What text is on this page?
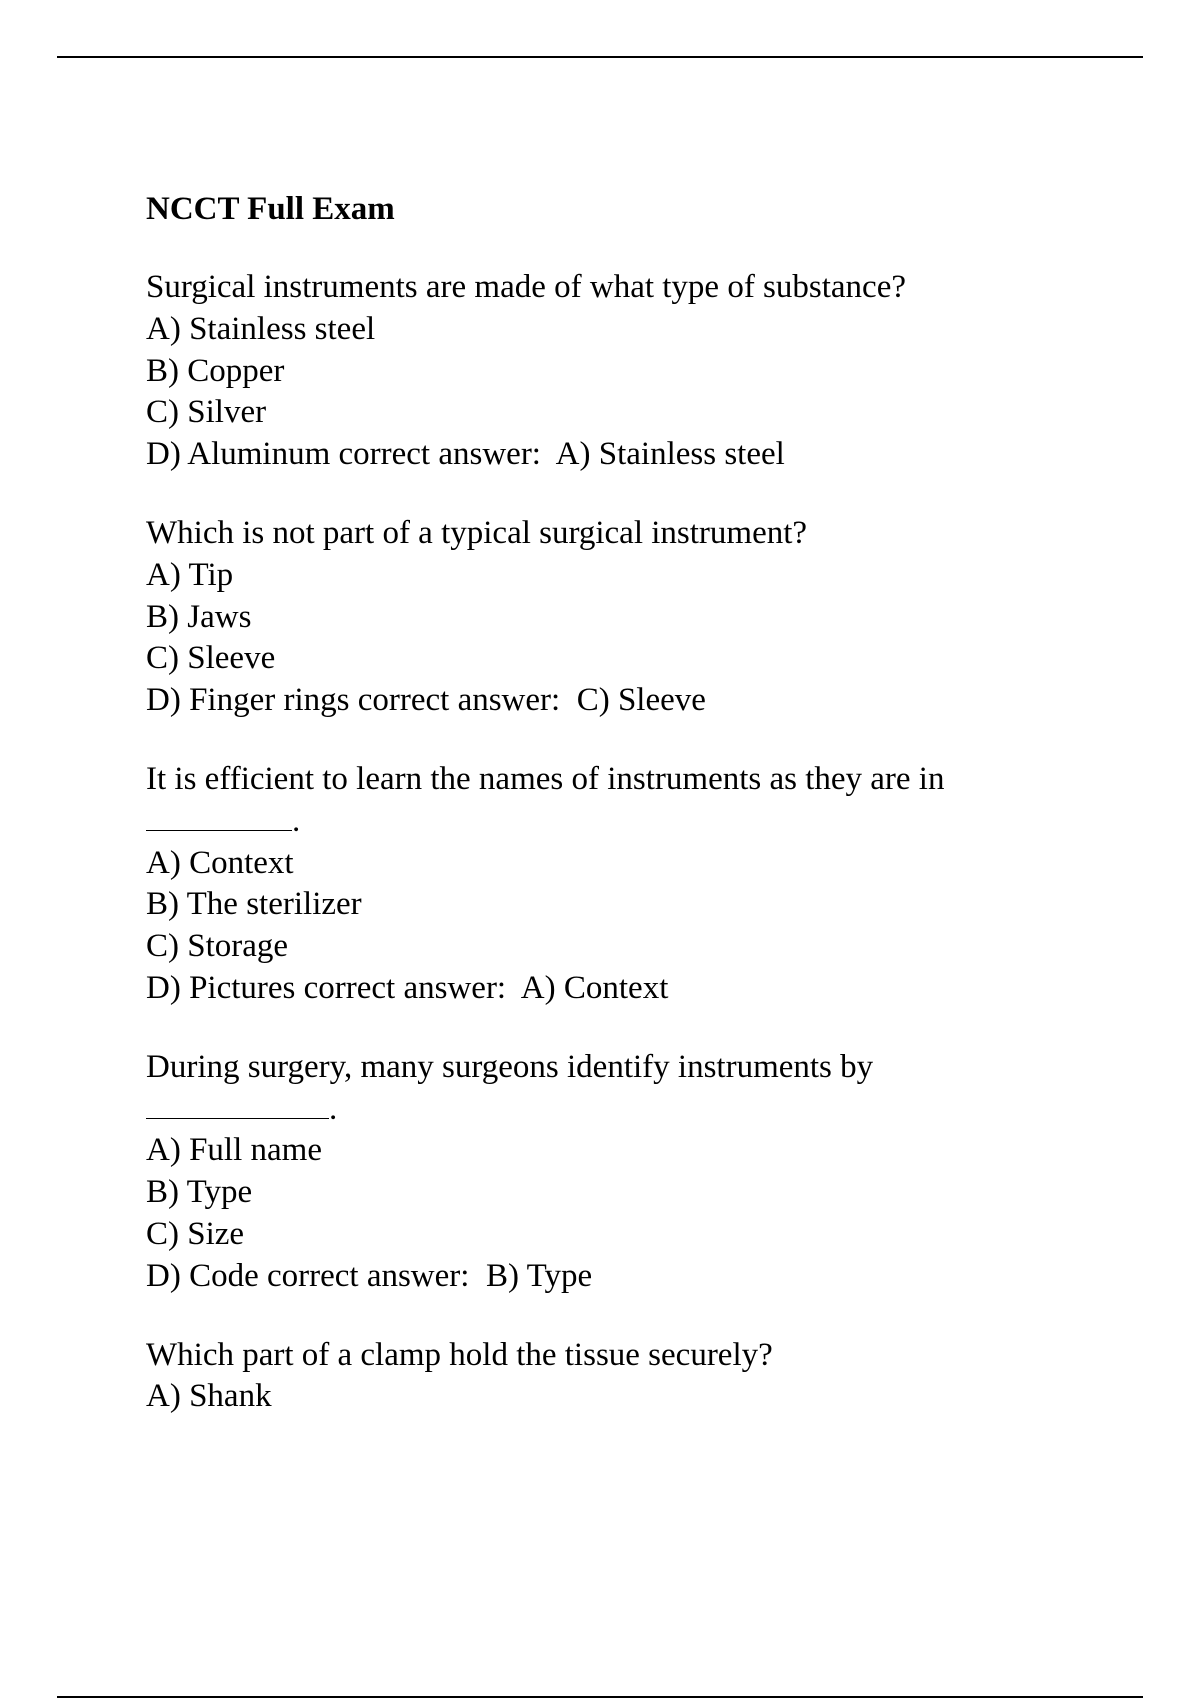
NCCT Full Exam
Surgical instruments are made of what type of substance?
A) Stainless steel
B) Copper
C) Silver
D) Aluminum correct answer:  A) Stainless steel
Which is not part of a typical surgical instrument?
A) Tip
B) Jaws
C) Sleeve
D) Finger rings correct answer:  C) Sleeve
It is efficient to learn the names of instruments as they are in
.
A) Context
B) The sterilizer
C) Storage
D) Pictures correct answer:  A) Context
During surgery, many surgeons identify instruments by
.
A) Full name
B) Type
C) Size
D) Code correct answer:  B) Type
Which part of a clamp hold the tissue securely?
A) Shank
